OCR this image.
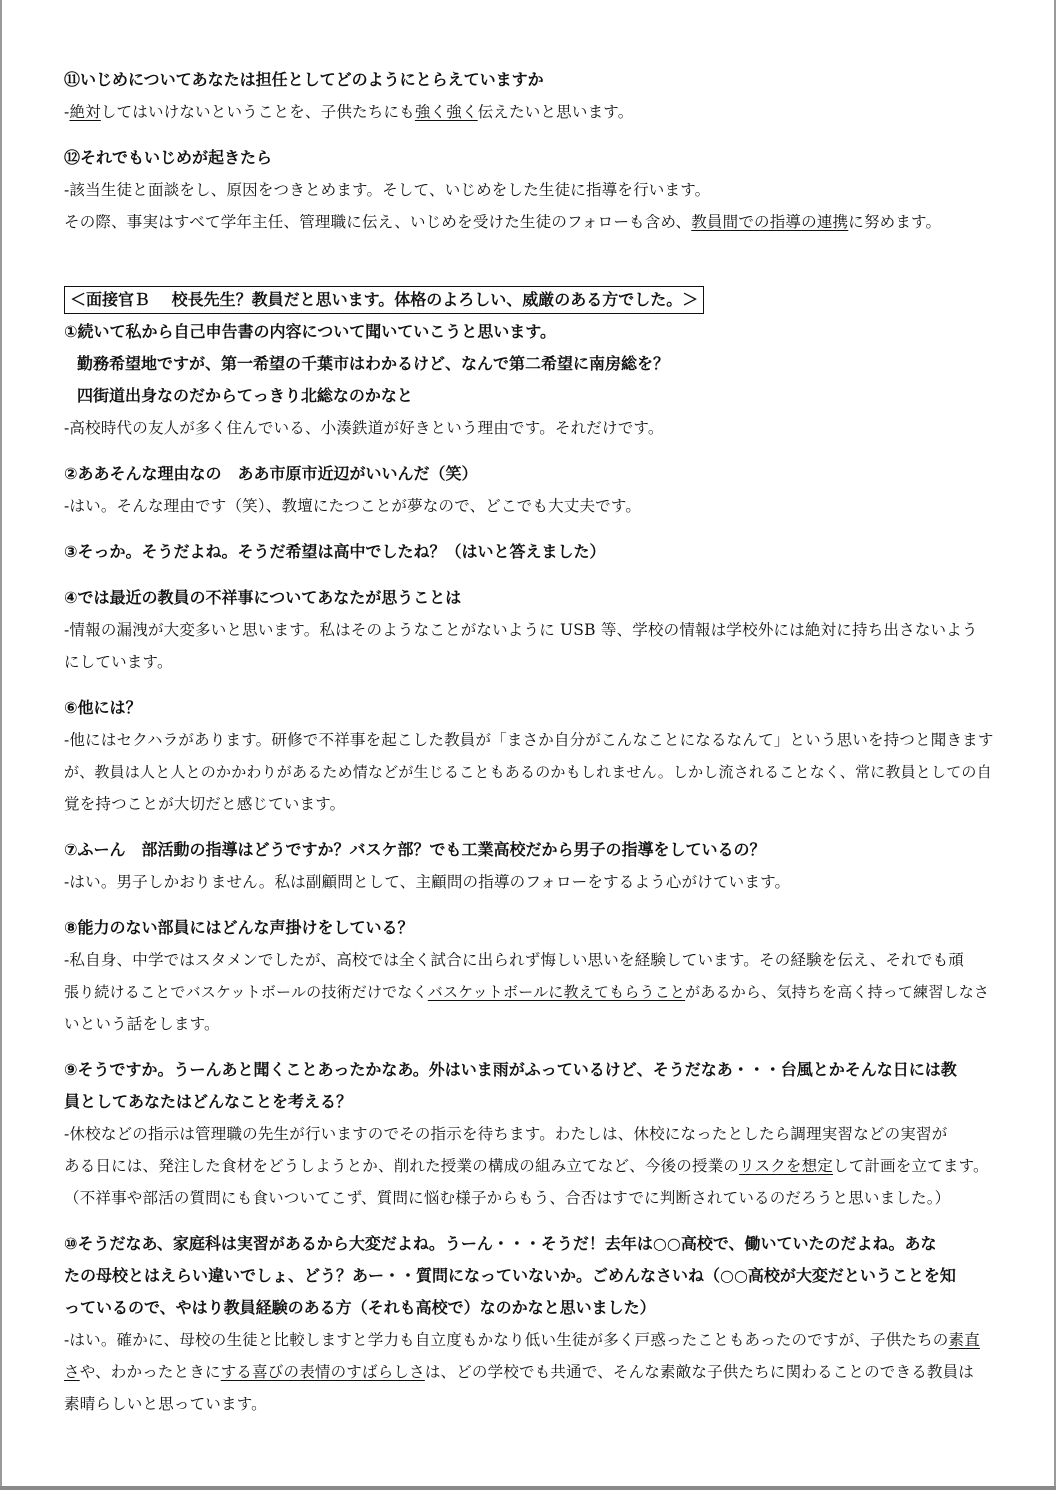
⑪いじめについてあなたは担任としてどのようにとらえていますか
-絶対してはいけないということを、子供たちにも強く強く伝えたいと思います。
⑫それでもいじめが起きたら
-該当生徒と面談をし、原因をつきとめます。そして、いじめをした生徒に指導を行います。
その際、事実はすべて学年主任、管理職に伝え、いじめを受けた生徒のフォローも含め、教員間での指導の連携に努めます。
＜面接官Ｂ　 校長先生？教員だと思います。体格のよろしい、威厳のある方でした。＞
①続いて私から自己申告書の内容について聞いていこうと思います。
勤務希望地ですが、第一希望の千葉市はわかるけど、なんで第二希望に南房総を？
四街道出身なのだからてっきり北総なのかなと
-高校時代の友人が多く住んでいる、小湊鉄道が好きという理由です。それだけです。
②ああそんな理由なの　ああ市原市近辺がいいんだ（笑）
-はい。そんな理由です（笑）、教壇にたつことが夢なので、どこでも大丈夫です。
③そっか。そうだよね。そうだ希望は高中でしたね？（はいと答えました）
④では最近の教員の不祥事についてあなたが思うことは
-情報の漏洩が大変多いと思います。私はそのようなことがないように USB 等、学校の情報は学校外には絶対に持ち出さないよう
にしています。
⑥他には？
-他にはセクハラがあります。研修で不祥事を起こした教員が「まさか自分がこんなことになるなんて」という思いを持つと聞きます
が、教員は人と人とのかかわりがあるため情などが生じることもあるのかもしれません。しかし流されることなく、常に教員としての自
覚を持つことが大切だと感じています。
⑦ふーん　部活動の指導はどうですか？バスケ部？でも工業高校だから男子の指導をしているの？
-はい。男子しかおりません。私は副顧問として、主顧問の指導のフォローをするよう心がけています。
⑧能力のない部員にはどんな声掛けをしている？
-私自身、中学ではスタメンでしたが、高校では全く試合に出られず悔しい思いを経験しています。その経験を伝え、それでも頑
張り続けることでバスケットボールの技術だけでなくバスケットボールに教えてもらうことがあるから、気持ちを高く持って練習しなさ
いという話をします。
⑨そうですか。うーんあと聞くことあったかなあ。外はいま雨がふっているけど、そうだなあ・・・台風とかそんな日には教
員としてあなたはどんなことを考える？
-休校などの指示は管理職の先生が行いますのでその指示を待ちます。わたしは、休校になったとしたら調理実習などの実習が
ある日には、発注した食材をどうしようとか、削れた授業の構成の組み立てなど、今後の授業のリスクを想定して計画を立てます。
（不祥事や部活の質問にも食いついてこず、質問に悩む様子からもう、合否はすでに判断されているのだろうと思いました。）
⑩そうだなあ、家庭科は実習があるから大変だよね。うーん・・・そうだ！去年は○○高校で、働いていたのだよね。あな
たの母校とはえらい違いでしょ、どう？あー・・質問になっていないか。ごめんなさいね（○○高校が大変だということを知
っているので、やはり教員経験のある方（それも高校で）なのかなと思いました）
-はい。確かに、母校の生徒と比較しますと学力も自立度もかなり低い生徒が多く戸惑ったこともあったのですが、子供たちの素直
さや、わかったときにする喜びの表情のすばらしさは、どの学校でも共通で、そんな素敵な子供たちに関わることのできる教員は
素晴らしいと思っています。
